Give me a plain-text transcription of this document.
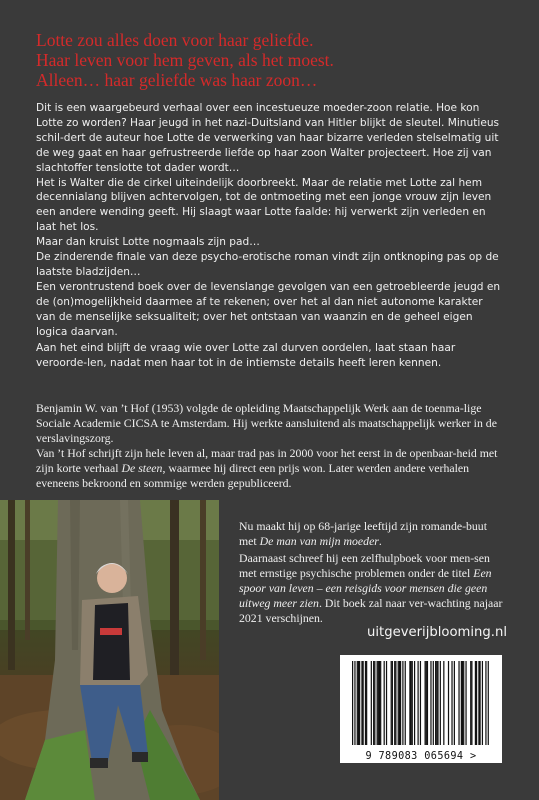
Lotte zou alles doen voor haar geliefde.
Haar leven voor hem geven, als het moest.
Alleen… haar geliefde was haar zoon…

Dit is een waargebeurd verhaal over een incestueuze moeder-zoon relatie. Hoe kon Lotte zo worden? Haar jeugd in het nazi-Duitsland van Hitler blijkt de sleutel. Minutieus schil-dert de auteur hoe Lotte de verwerking van haar bizarre verleden stelselmatig uit de weg gaat en haar gefrustreerde liefde op haar zoon Walter projecteert. Hoe zij van slachtoffer tenslotte tot dader wordt…

Het is Walter die de cirkel uiteindelijk doorbreekt. Maar de relatie met Lotte zal hem decennialang blijven achtervolgen, tot de ontmoeting met een jonge vrouw zijn leven een andere wending geeft. Hij slaagt waar Lotte faalde: hij verwerkt zijn verleden en laat het los.

Maar dan kruist Lotte nogmaals zijn pad…

De zinderende finale van deze psycho-erotische roman vindt zijn ontknoping pas op de laatste bladzijden…

Een verontrustend boek over de levenslange gevolgen van een getroebleerde jeugd en de (on)mogelijkheid daarmee af te rekenen; over het al dan niet autonome karakter van de menselijke seksualiteit; over het ontstaan van waanzin en de geheel eigen logica daarvan.

Aan het eind blijft de vraag wie over Lotte zal durven oordelen, laat staan haar veroorde-len, nadat men haar tot in de intiemste details heeft leren kennen.

Benjamin W. van ’t Hof (1953) volgde de opleiding Maatschappelijk Werk aan de toenma-lige Sociale Academie CICSA te Amsterdam. Hij werkte aansluitend als maatschappelijk werker in de verslavingszorg.

Van ’t Hof schrijft zijn hele leven al, maar trad pas in 2000 voor het eerst in de openbaar-heid met zijn korte verhaal De steen, waarmee hij direct een prijs won. Later werden andere verhalen eveneens bekroond en sommige werden gepubliceerd.

Nu maakt hij op 68-jarige leeftijd zijn romande-buut met De man van mijn moeder.

Daarnaast schreef hij een zelfhulpboek voor men-sen met ernstige psychische problemen onder de titel Een spoor van leven – een reisgids voor mensen die geen uitweg meer zien. Dit boek zal naar ver-wachting najaar 2021 verschijnen.

uitgeverijblooming.nl
9 789083 065694 >
